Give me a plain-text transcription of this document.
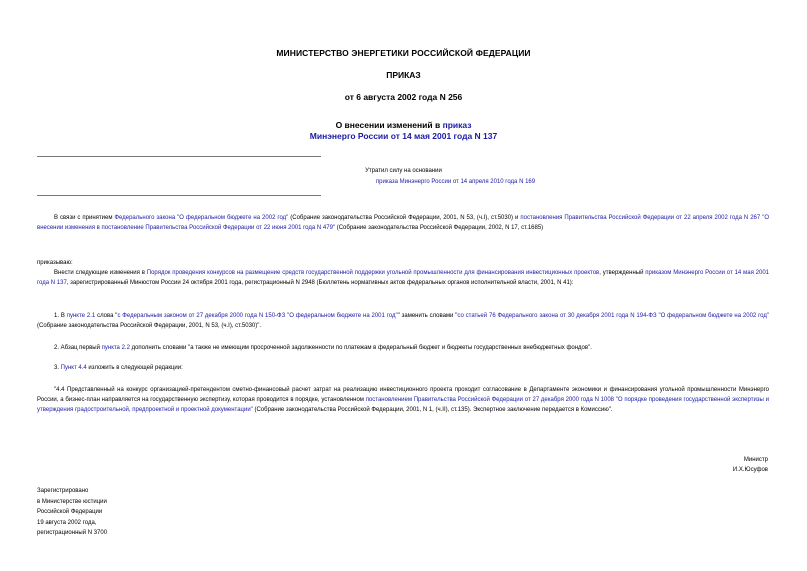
МИНИСТЕРСТВО ЭНЕРГЕТИКИ РОССИЙСКОЙ ФЕДЕРАЦИИ
ПРИКАЗ
от 6 августа 2002 года N 256
О внесении изменений в приказ
Минэнерго России от 14 мая 2001 года N 137
Утратил силу на основании
приказа Минэнерго России от 14 апреля 2010 года N 169
В связи с принятием Федерального закона "О федеральном бюджете на 2002 год" (Собрание законодательства Российской Федерации, 2001, N 53, (ч.I), ст.5030) и постановления Правительства Российской Федерации от 22 апреля 2002 года N 267 "О внесении изменения в постановление Правительства Российской Федерации от 22 июня 2001 года N 479" (Собрание законодательства Российской Федерации, 2002, N 17, ст.1685)
приказываю:
Внести следующие изменения в Порядок проведения конкурсов на размещение средств государственной поддержки угольной промышленности для финансирования инвестиционных проектов, утвержденный приказом Минэнерго России от 14 мая 2001 года N 137, зарегистрированный Минюстом России 24 октября 2001 года, регистрационный N 2948 (Бюллетень нормативных актов федеральных органов исполнительной власти, 2001, N 41):
1. В пункте 2.1 слова "с Федеральным законом от 27 декабря 2000 года N 150-ФЗ "О федеральном бюджете на 2001 год"" заменить словами "со статьей 76 Федерального закона от 30 декабря 2001 года N 194-ФЗ "О федеральном бюджете на 2002 год" (Собрание законодательства Российской Федерации, 2001, N 53, (ч.I), ст.5030)".
2. Абзац первый пункта 2.2 дополнить словами "а также не имеющим просроченной задолженности по платежам в федеральный бюджет и бюджеты государственных внебюджетных фондов".
3. Пункт 4.4 изложить в следующей редакции:
"4.4 Представленный на конкурс организацией-претендентом сметно-финансовый расчет затрат на реализацию инвестиционного проекта проходит согласование в Департаменте экономики и финансирования угольной промышленности Минэнерго России, а бизнес-план направляется на государственную экспертизу, которая проводится в порядке, установленном постановлением Правительства Российской Федерации от 27 декабря 2000 года N 1008 "О порядке проведения государственной экспертизы и утверждения градостроительной, предпроектной и проектной документации" (Собрание законодательства Российской Федерации, 2001, N 1, (ч.II), ст.135). Экспертное заключение передается в Комиссию".
Министр
И.Х.Юсуфов
Зарегистрировано
в Министерстве юстиции
Российской Федерации
19 августа 2002 года,
регистрационный N 3700
